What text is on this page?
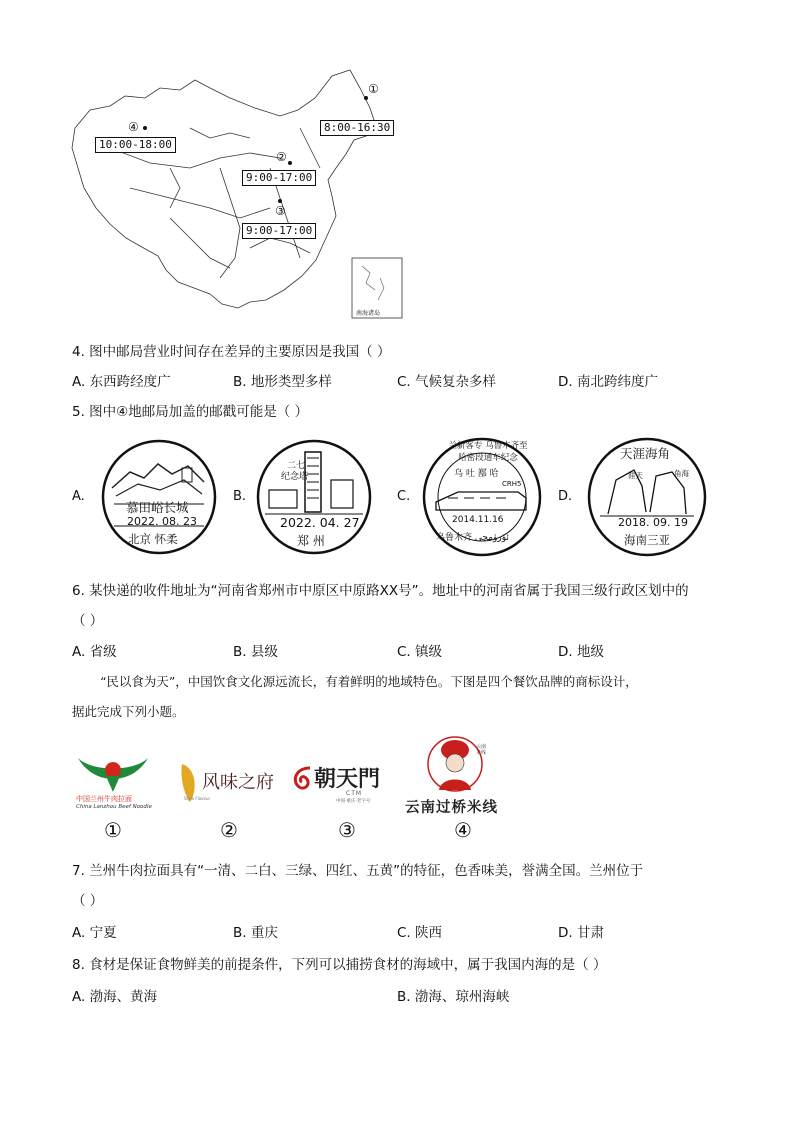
①
8:00-16:30
④
10:00-18:00
②
9:00-17:00
③
9:00-17:00
南海诸岛
4. 图中邮局营业时间存在差异的主要原因是我国（ ）
A. 东西跨经度广	B. 地形类型多样	C. 气候复杂多样	D. 南北跨纬度广
5. 图中④地邮局加盖的邮戳可能是（ ）
A.	B.	C.	D.
慕田峪长城
2022. 08. 23
北京 怀柔
二七
纪念塔
2022. 04. 27
郑 州
兰新客专 乌鲁木齐至哈密段通车纪念
乌 吐 鄯 哈
CRH5
2014.11.16
乌鲁木齐 ئۈرۈمچى
天涯海角
涯天	角海
2018. 09. 19
海南三亚
6. 某快递的收件地址为“河南省郑州市中原区中原路XX号”。地址中的河南省属于我国三级行政区划中的
（ ）
A. 省级	B. 县级	C. 镇级	D. 地级
“民以食为天”，中国饮食文化源远流长，有着鲜明的地域特色。下图是四个餐饮品牌的商标设计，
据此完成下列小题。
中国兰州牛肉拉面
China Lanzhou Beef Noodle
风味之府
Style Flavour
朝天門
CTM
中国·重庆·老字号
云南米线
云南过桥米线
①	②	③	④
7. 兰州牛肉拉面具有“一清、二白、三绿、四红、五黄”的特征，色香味美，誉满全国。兰州位于
（ ）
A. 宁夏	B. 重庆	C. 陕西	D. 甘肃
8. 食材是保证食物鲜美的前提条件，下列可以捕捞食材的海域中，属于我国内海的是（ ）
A. 渤海、黄海	B. 渤海、琼州海峡
